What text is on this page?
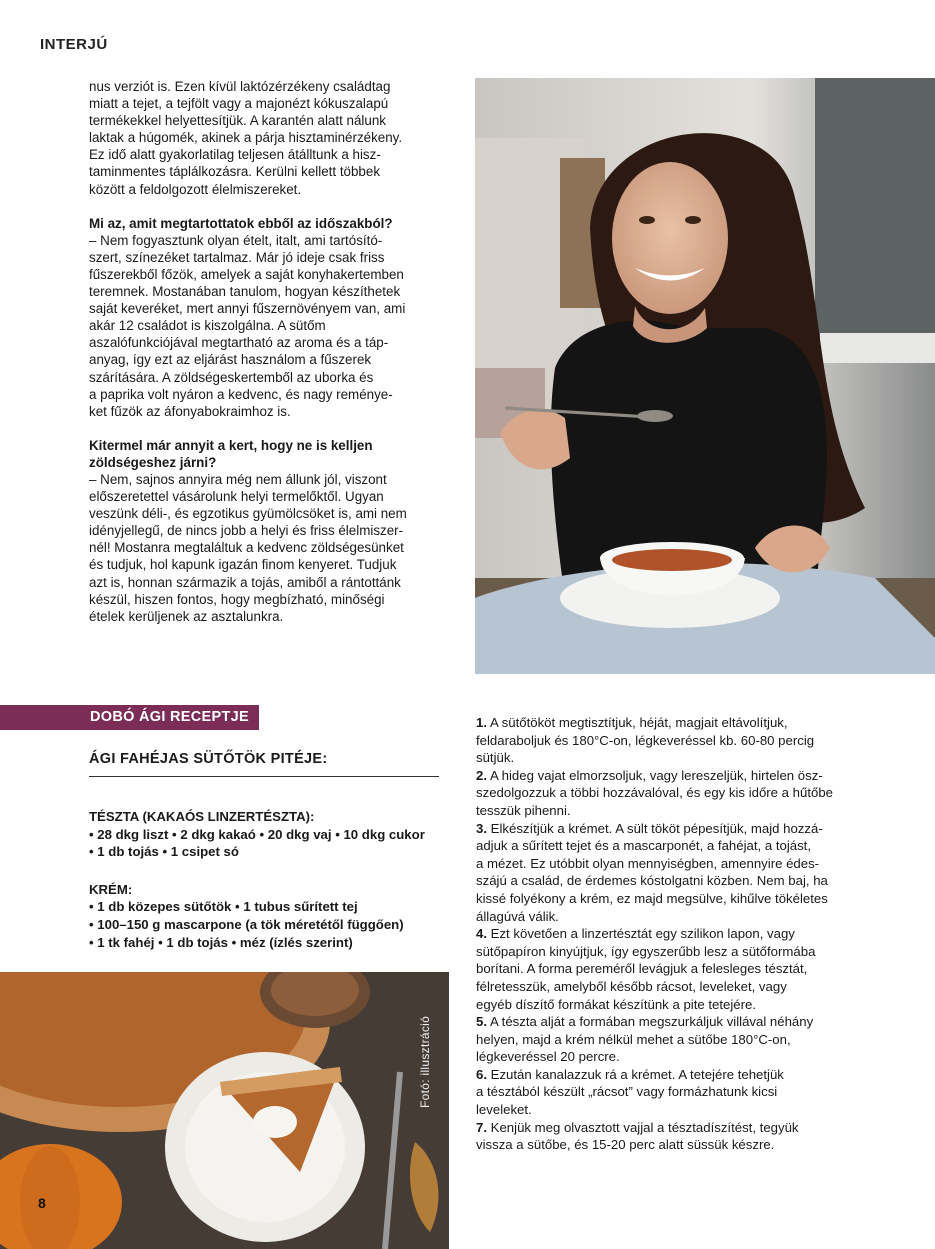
INTERJÚ

nus verziót is. Ezen kívül laktózérzékeny családtag

miatt a tejet, a tejfölt vagy a majonézt kókuszalapú

termékekkel helyettesítjük. A karantén alatt nálunk

laktak a húgomék, akinek a párja hisztaminérzékeny.

Ez idő alatt gyakorlatilag teljesen átálltunk a hisz-

taminmentes táplálkozásra. Kerülni kellett többek

között a feldolgozott élelmiszereket.

Mi az, amit megtartottatok ebből az időszakból?

– Nem fogyasztunk olyan ételt, italt, ami tartósító-

szert, színezéket tartalmaz. Már jó ideje csak friss

fűszerekből főzök, amelyek a saját konyhakertemben

teremnek. Mostanában tanulom, hogyan készíthetek

saját keveréket, mert annyi fűszernövényem van, ami

akár 12 családot is kiszolgálna. A sütőm

aszalófunkciójával megtartható az aroma és a táp-

anyag, így ezt az eljárást használom a fűszerek

szárítására. A zöldségeskertemből az uborka és

a paprika volt nyáron a kedvenc, és nagy reménye-

ket fűzök az áfonyabokraimhoz is.

Kitermel már annyit a kert, hogy ne is kelljen

zöldségeshez járni?

– Nem, sajnos annyira még nem állunk jól, viszont

előszeretettel vásárolunk helyi termelőktől. Ugyan

veszünk déli-, és egzotikus gyümölcsöket is, ami nem

idényjellegű, de nincs jobb a helyi és friss élelmiszer-

nél! Mostanra megtaláltuk a kedvenc zöldségesünket

és tudjuk, hol kapunk igazán finom kenyeret. Tudjuk

azt is, honnan származik a tojás, amiből a rántottánk

készül, hiszen fontos, hogy megbízható, minőségi

ételek kerüljenek az asztalunkra.

DOBÓ ÁGI RECEPTJE
ÁGI FAHÉJAS SÜTŐTÖK PITÉJE:

TÉSZTA (KAKAÓS LINZERTÉSZTA):

• 28 dkg liszt • 2 dkg kakaó • 20 dkg vaj • 10 dkg cukor

• 1 db tojás • 1 csipet só

KRÉM:

• 1 db közepes sütőtök • 1 tubus sűrített tej

• 100–150 g mascarpone (a tök méretétől függően)

• 1 tk fahéj • 1 db tojás • méz (ízlés szerint)

Fotó: illusztráció
8

1. A sütőtököt megtisztítjuk, héját, magjait eltávolítjuk,

feldaraboljuk és 180°C-on, légkeveréssel kb. 60-80 percig

sütjük.

2. A hideg vajat elmorzsoljuk, vagy lereszeljük, hirtelen ösz-

szedolgozzuk a többi hozzávalóval, és egy kis időre a hűtőbe

tesszük pihenni.

3. Elkészítjük a krémet. A sült tököt pépesítjük, majd hozzá-

adjuk a sűrített tejet és a mascarponét, a fahéjat, a tojást,

a mézet. Ez utóbbit olyan mennyiségben, amennyire édes-

szájú a család, de érdemes kóstolgatni közben. Nem baj, ha

kissé folyékony a krém, ez majd megsülve, kihűlve tökéletes

állagúvá válik.

4. Ezt követően a linzertésztát egy szilikon lapon, vagy

sütőpapíron kinyújtjuk, így egyszerűbb lesz a sütőformába

borítani. A forma pereméről levágjuk a felesleges tésztát,

félretesszük, amelyből később rácsot, leveleket, vagy

egyéb díszítő formákat készítünk a pite tetejére.

5. A tészta alját a formában megszurkáljuk villával néhány

helyen, majd a krém nélkül mehet a sütőbe 180°C-on,

légkeveréssel 20 percre.

6. Ezután kanalazzuk rá a krémet. A tetejére tehetjük

a tésztából készült „rácsot” vagy formázhatunk kicsi

leveleket.

7. Kenjük meg olvasztott vajjal a tésztadíszítést, tegyük

vissza a sütőbe, és 15-20 perc alatt süssük készre.
